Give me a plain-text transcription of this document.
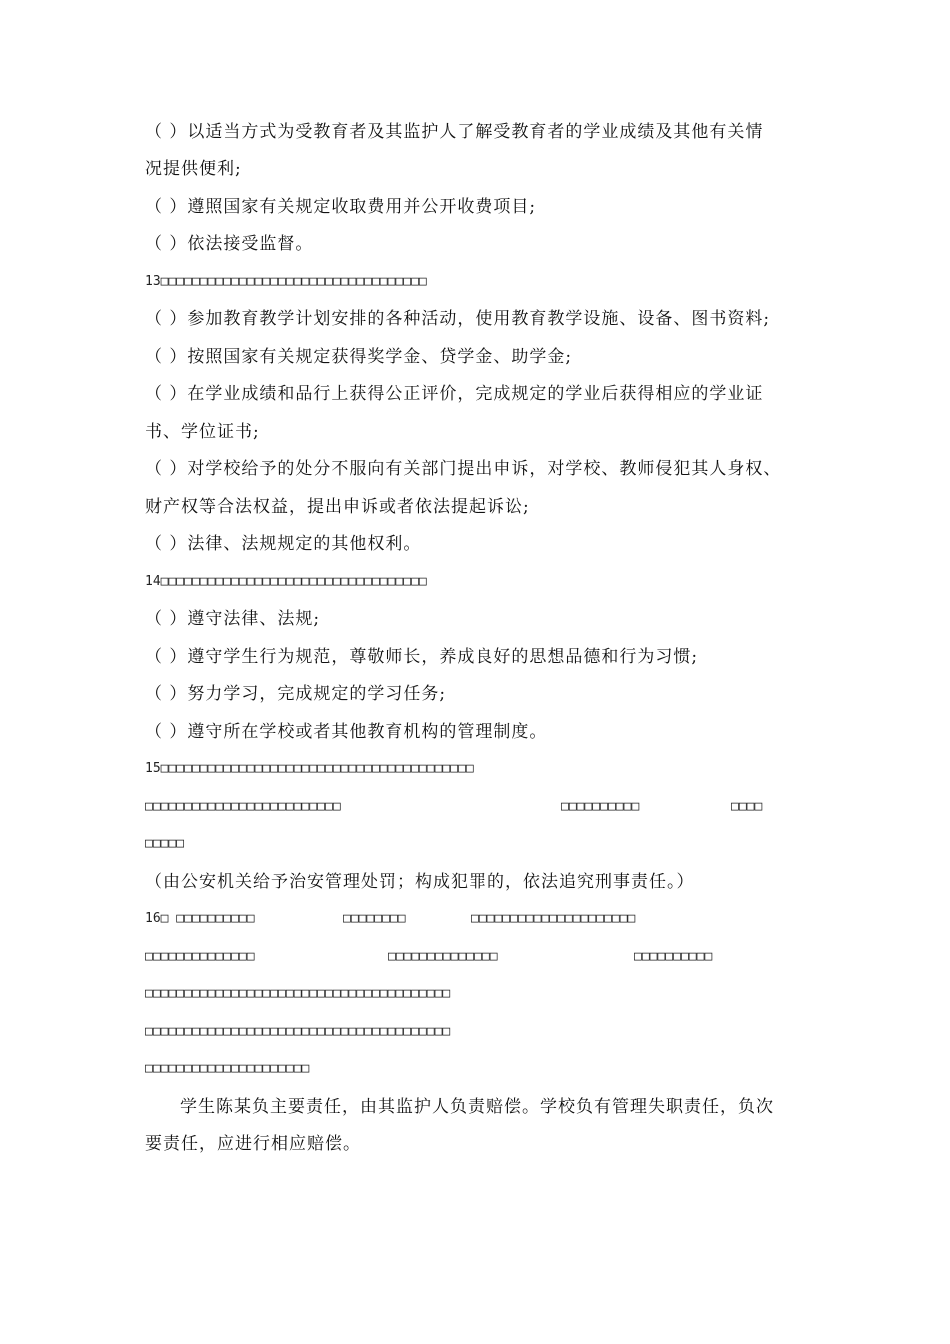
（ ）以适当方式为受教育者及其监护人了解受教育者的学业成绩及其他有关情
况提供便利;
（ ）遵照国家有关规定收取费用并公开收费项目;
（ ）依法接受监督。
13□□□□□□□□□□□□□□□□□□□□□□□□□□□□□□□□□□
（ ）参加教育教学计划安排的各种活动，使用教育教学设施、设备、图书资料;
（ ）按照国家有关规定获得奖学金、贷学金、助学金;
（ ）在学业成绩和品行上获得公正评价，完成规定的学业后获得相应的学业证
书、学位证书;
（ ）对学校给予的处分不服向有关部门提出申诉，对学校、教师侵犯其人身权、
财产权等合法权益，提出申诉或者依法提起诉讼;
（ ）法律、法规规定的其他权利。
14□□□□□□□□□□□□□□□□□□□□□□□□□□□□□□□□□□
（ ）遵守法律、法规;
（ ）遵守学生行为规范，尊敬师长，养成良好的思想品德和行为习惯;
（ ）努力学习，完成规定的学习任务;
（ ）遵守所在学校或者其他教育机构的管理制度。
15□□□□□□□□□□□□□□□□□□□□□□□□□□□□□□□□□□□□□□□□
□□□□□□□□□□□□□□□□□□□□□□□□□	□□□□□□□□□□	□□□□
□□□□□
（由公安机关给予治安管理处罚；构成犯罪的，依法追究刑事责任。）
16□ □□□□□□□□□□	□□□□□□□□	□□□□□□□□□□□□□□□□□□□□□
□□□□□□□□□□□□□□	□□□□□□□□□□□□□□	□□□□□□□□□□
□□□□□□□□□□□□□□□□□□□□□□□□□□□□□□□□□□□□□□□
□□□□□□□□□□□□□□□□□□□□□□□□□□□□□□□□□□□□□□□
□□□□□□□□□□□□□□□□□□□□□
学生陈某负主要责任，由其监护人负责赔偿。学校负有管理失职责任，负次
要责任，应进行相应赔偿。
